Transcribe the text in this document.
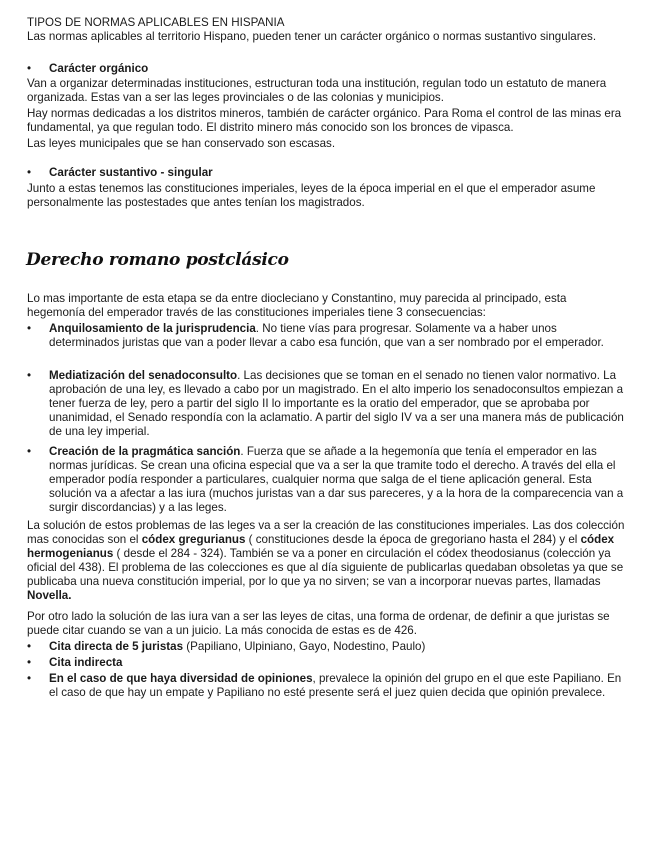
TIPOS DE NORMAS APLICABLES EN HISPANIA

Las normas aplicables al territorio Hispano, pueden tener un carácter orgánico o normas sustantivo singulares.

•	Carácter orgánico

Van a organizar determinadas instituciones, estructuran toda una institución, regulan todo un estatuto de manera organizada. Estas van a ser las leges provinciales o de las colonias y municipios.

Hay normas dedicadas a los distritos mineros, también de carácter orgánico. Para Roma el control de las minas era fundamental, ya que regulan todo. El distrito minero más conocido son los bronces de vipasca.

Las leyes municipales que se han conservado son escasas.

•	Carácter sustantivo - singular

Junto a estas tenemos las constituciones imperiales, leyes de la época imperial en el que el emperador asume personalmente las postestades que antes tenían los magistrados.

Derecho romano postclásico

Lo mas importante de esta etapa se da entre diocleciano y Constantino, muy parecida al principado, esta hegemonía del emperador través de las constituciones imperiales tiene 3 consecuencias:

•	Anquilosamiento de la jurisprudencia. No tiene vías para progresar. Solamente va a haber unos determinados juristas que van a poder llevar a cabo esa función, que van a ser nombrado por el emperador.
•	Mediatización del senadoconsulto. Las decisiones que se toman en el senado no tienen valor normativo. La aprobación de una ley, es llevado a cabo por un magistrado. En el alto imperio los senadoconsultos empiezan a tener fuerza de ley, pero a partir del siglo II lo importante es la oratio del emperador, que se aprobaba por unanimidad, el Senado respondía con la aclamatio. A partir del siglo IV va a ser una manera más de publicación de una ley imperial.
•	Creación de la pragmática sanción. Fuerza que se añade a la hegemonía que tenía el emperador en las normas jurídicas. Se crean una oficina especial que va a ser la que tramite todo el derecho. A través del ella el emperador podía responder a particulares, cualquier norma que salga de el tiene aplicación general. Esta solución va a afectar a las iura (muchos juristas van a dar sus pareceres, y a la hora de la comparecencia van a surgir discordancias) y a las leges.

La solución de estos problemas de las leges va a ser la creación de las constituciones imperiales. Las dos colección mas conocidas son el códex gregurianus ( constituciones desde la época de gregoriano hasta el 284) y el códex hermogenianus ( desde el 284 - 324). También se va a poner en circulación el códex theodosianus (colección ya oficial del 438). El problema de las colecciones es que al día siguiente de publicarlas quedaban obsoletas ya que se publicaba una nueva constitución imperial, por lo que ya no sirven; se van a incorporar nuevas partes, llamadas Novella.

Por otro lado la solución de las iura van a ser las leyes de citas, una forma de ordenar, de definir a que juristas se puede citar cuando se van a un juicio. La más conocida de estas es de 426.

•	Cita directa de 5 juristas (Papiliano, Ulpiniano, Gayo, Nodestino, Paulo)
•	Cita indirecta
•	En el caso de que haya diversidad de opiniones, prevalece la opinión del grupo en el que este Papiliano. En el caso de que hay un empate y Papiliano no esté presente será el juez quien decida que opinión prevalece.
